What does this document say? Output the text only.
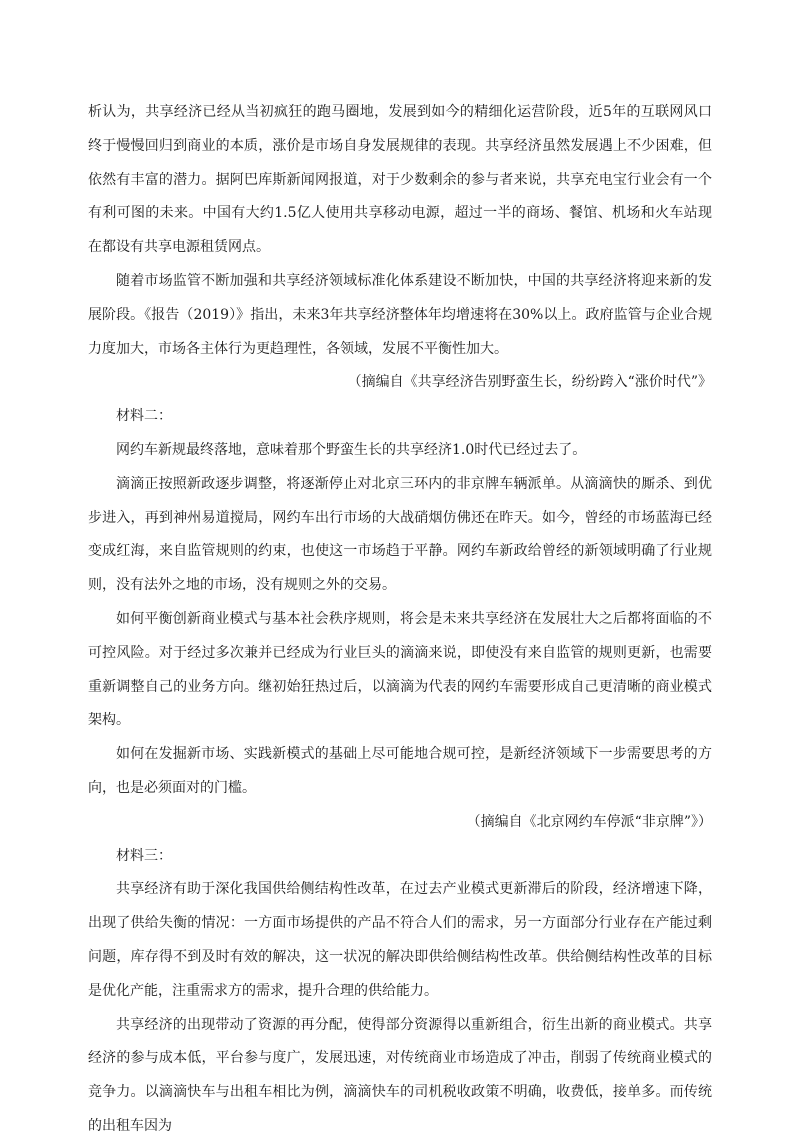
析认为，共享经济已经从当初疯狂的跑马圈地，发展到如今的精细化运营阶段，近5年的互联网风口终于慢慢回归到商业的本质，涨价是市场自身发展规律的表现。共享经济虽然发展遇上不少困难，但依然有丰富的潜力。据阿巴库斯新闻网报道，对于少数剩余的参与者来说，共享充电宝行业会有一个有利可图的未来。中国有大约1.5亿人使用共享移动电源，超过一半的商场、餐馆、机场和火车站现在都设有共享电源租赁网点。

随着市场监管不断加强和共享经济领域标准化体系建设不断加快，中国的共享经济将迎来新的发展阶段。《报告（2019）》指出，未来3年共享经济整体年均增速将在30%以上。政府监管与企业合规力度加大，市场各主体行为更趋理性，各领域，发展不平衡性加大。

（摘编自《共享经济告别野蛮生长，纷纷跨入“涨价时代”》

材料二：

网约车新规最终落地，意味着那个野蛮生长的共享经济1.0时代已经过去了。

滴滴正按照新政逐步调整，将逐渐停止对北京三环内的非京牌车辆派单。从滴滴快的厮杀、到优步进入，再到神州易道搅局，网约车出行市场的大战硝烟仿佛还在昨天。如今，曾经的市场蓝海已经变成红海，来自监管规则的约束，也使这一市场趋于平静。网约车新政给曾经的新领域明确了行业规则，没有法外之地的市场，没有规则之外的交易。

如何平衡创新商业模式与基本社会秩序规则，将会是未来共享经济在发展壮大之后都将面临的不可控风险。对于经过多次兼并已经成为行业巨头的滴滴来说，即使没有来自监管的规则更新，也需要重新调整自己的业务方向。继初始狂热过后，以滴滴为代表的网约车需要形成自己更清晰的商业模式架构。

如何在发掘新市场、实践新模式的基础上尽可能地合规可控，是新经济领域下一步需要思考的方向，也是必须面对的门槛。

（摘编自《北京网约车停派“非京牌”》）

材料三：

共享经济有助于深化我国供给侧结构性改革，在过去产业模式更新滞后的阶段，经济增速下降，出现了供给失衡的情况：一方面市场提供的产品不符合人们的需求，另一方面部分行业存在产能过剩问题，库存得不到及时有效的解决，这一状况的解决即供给侧结构性改革。供给侧结构性改革的目标是优化产能，注重需求方的需求，提升合理的供给能力。

共享经济的出现带动了资源的再分配，使得部分资源得以重新组合，衍生出新的商业模式。共享经济的参与成本低，平台参与度广，发展迅速，对传统商业市场造成了冲击，削弱了传统商业模式的竞争力。以滴滴快车与出租车相比为例，滴滴快车的司机税收政策不明确，收费低，接单多。而传统的出租车因为
